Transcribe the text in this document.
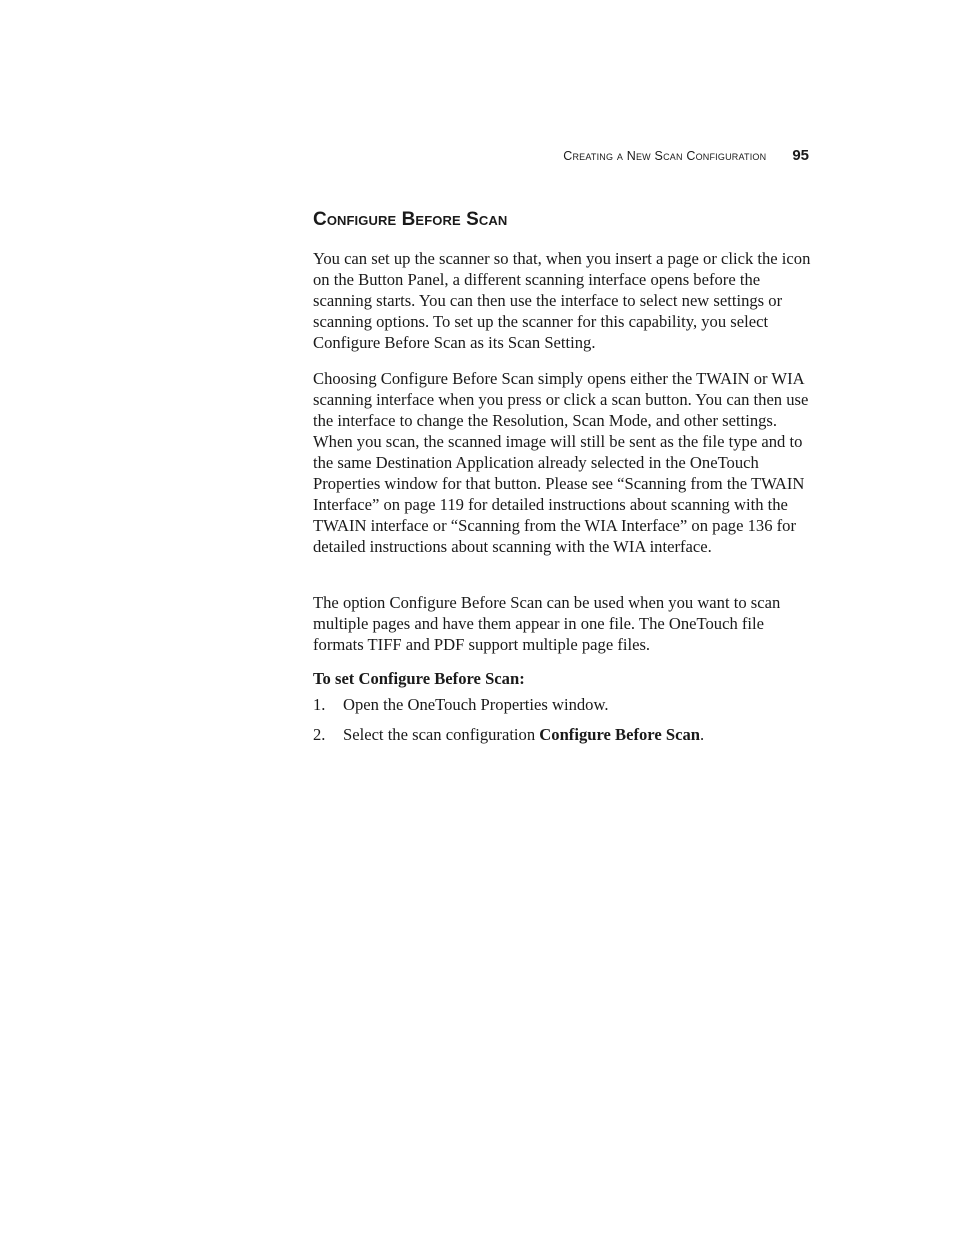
Creating a New Scan Configuration 95
Configure Before Scan

You can set up the scanner so that, when you insert a page or click the icon on the Button Panel, a different scanning interface opens before the scanning starts. You can then use the interface to select new settings or scanning options. To set up the scanner for this capability, you select Configure Before Scan as its Scan Setting.

Choosing Configure Before Scan simply opens either the TWAIN or WIA scanning interface when you press or click a scan button. You can then use the interface to change the Resolution, Scan Mode, and other settings. When you scan, the scanned image will still be sent as the file type and to the same Destination Application already selected in the OneTouch Properties window for that button. Please see “Scanning from the TWAIN Interface” on page 119 for detailed instructions about scanning with the TWAIN interface or “Scanning from the WIA Interface” on page 136 for detailed instructions about scanning with the WIA interface.

The option Configure Before Scan can be used when you want to scan multiple pages and have them appear in one file. The OneTouch file formats TIFF and PDF support multiple page files.

To set Configure Before Scan:

1.	Open the OneTouch Properties window.
2.	Select the scan configuration Configure Before Scan.
